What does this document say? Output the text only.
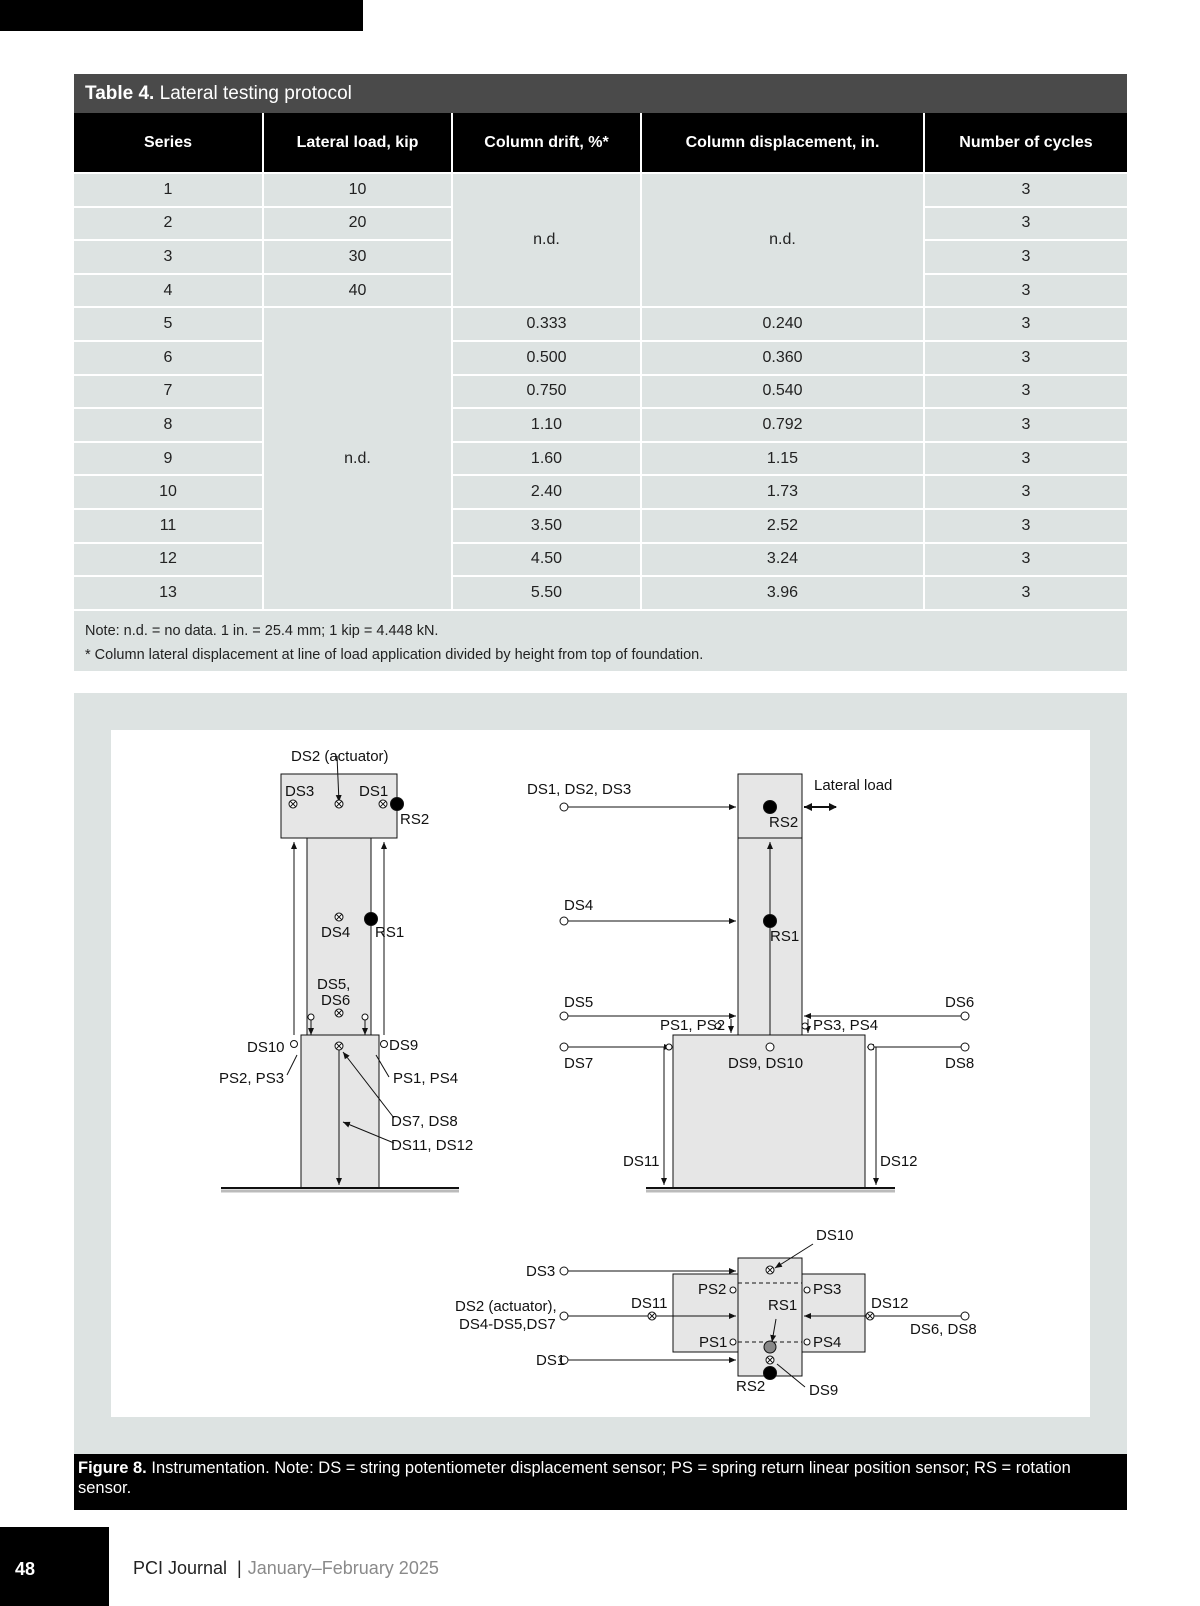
Table 4. Lateral testing protocol
Series	Lateral load, kip	Column drift, %*	Column displacement, in.	Number of cycles
1	10	n.d.	n.d.	3
2	20			3
3	30			3
4	40			3
5	n.d.	0.333	0.240	3
6		0.500	0.360	3
7		0.750	0.540	3
8		1.10	0.792	3
9		1.60	1.15	3
10		2.40	1.73	3
11		3.50	2.52	3
12		4.50	3.24	3
13		5.50	3.96	3
Note: n.d. = no data. 1 in. = 25.4 mm; 1 kip = 4.448 kN.
* Column lateral displacement at line of load application divided by height from top of foundation.
DS2 (actuator)
DS3	DS1
RS2
DS4 RS1
DS5,
DS6
DS10	DS9
PS2, PS3	PS1, PS4
DS7, DS8
DS11, DS12
DS1, DS2, DS3	Lateral load
RS2
DS4
RS1
DS5	DS6
PS1, PS2	PS3, PS4
DS7	DS8
DS9, DS10
DS11	DS12
DS10
DS3
PS2	PS3
DS2 (actuator),
DS4-DS5,DS7
DS11	RS1	DS12
DS6, DS8
PS1	PS4
DS1
RS2	DS9
Figure 8. Instrumentation. Note: DS = string potentiometer displacement sensor; PS = spring return linear position sensor; RS = rotation sensor.
48	PCI Journal | January–February 2025
